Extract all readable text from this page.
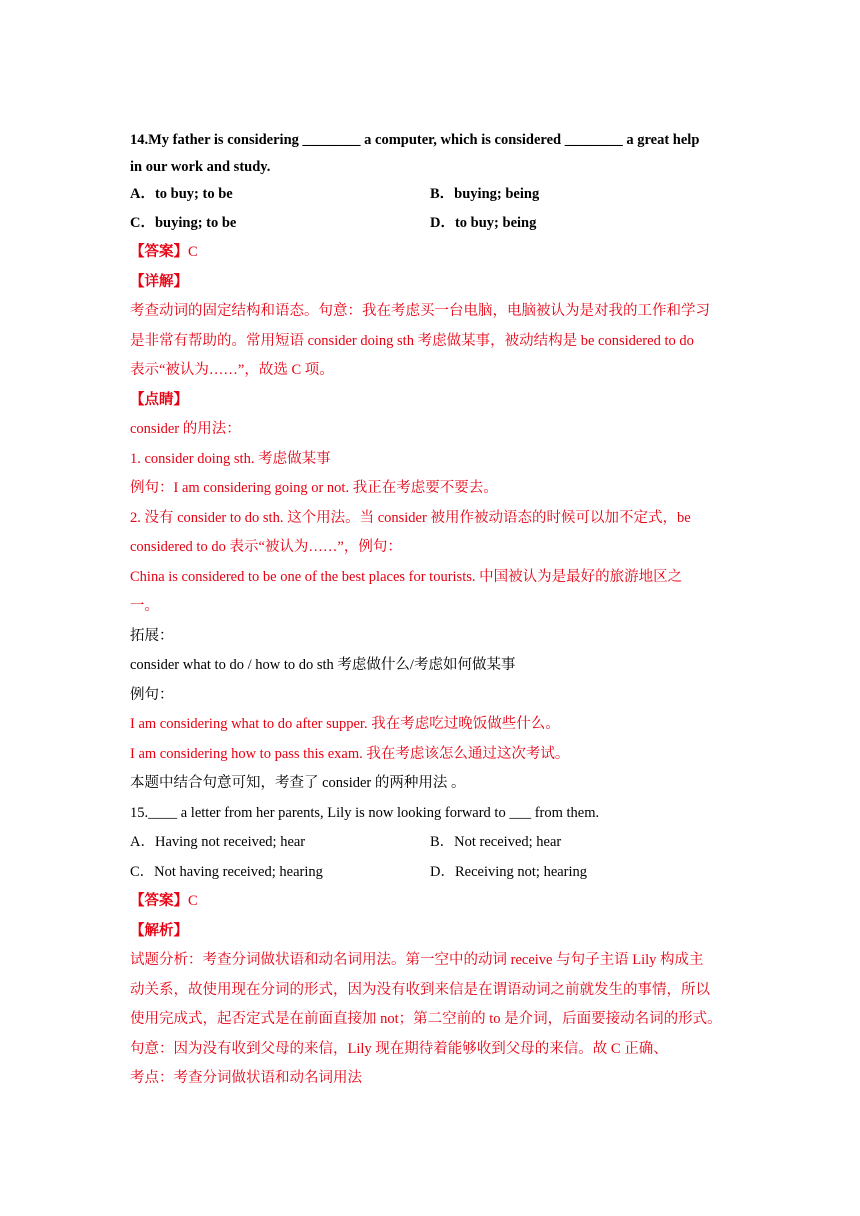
14.My father is considering ________ a computer, which is considered ________ a great help
in our work and study.
A．to buy; to be	B．buying; being
C．buying; to be	D．to buy; being
【答案】C
【详解】
考查动词的固定结构和语态。句意：我在考虑买一台电脑，电脑被认为是对我的工作和学习
是非常有帮助的。常用短语 consider doing sth 考虑做某事，被动结构是 be considered to do
表示“被认为……”，故选 C 项。
【点睛】
consider 的用法：
1. consider doing sth. 考虑做某事
例句：I am considering going or not. 我正在考虑要不要去。
2. 没有 consider to do sth. 这个用法。当 consider 被用作被动语态的时候可以加不定式，be
considered to do 表示“被认为……”，例句：
China is considered to be one of the best places for tourists. 中国被认为是最好的旅游地区之
一。
拓展：
consider what to do / how to do sth 考虑做什么/考虑如何做某事
例句：
I am considering what to do after supper. 我在考虑吃过晚饭做些什么。
I am considering how to pass this exam. 我在考虑该怎么通过这次考试。
本题中结合句意可知，考查了 consider 的两种用法 。
15.____ a letter from her parents, Lily is now looking forward to ___ from them.
A．Having not received; hear	B．Not received; hear
C．Not having received; hearing	D．Receiving not; hearing
【答案】C
【解析】
试题分析：考查分词做状语和动名词用法。第一空中的动词 receive 与句子主语 Lily 构成主
动关系，故使用现在分词的形式，因为没有收到来信是在谓语动词之前就发生的事情，所以
使用完成式，起否定式是在前面直接加 not；第二空前的 to 是介词，后面要接动名词的形式。
句意：因为没有收到父母的来信，Lily 现在期待着能够收到父母的来信。故 C 正确、
考点：考查分词做状语和动名词用法
